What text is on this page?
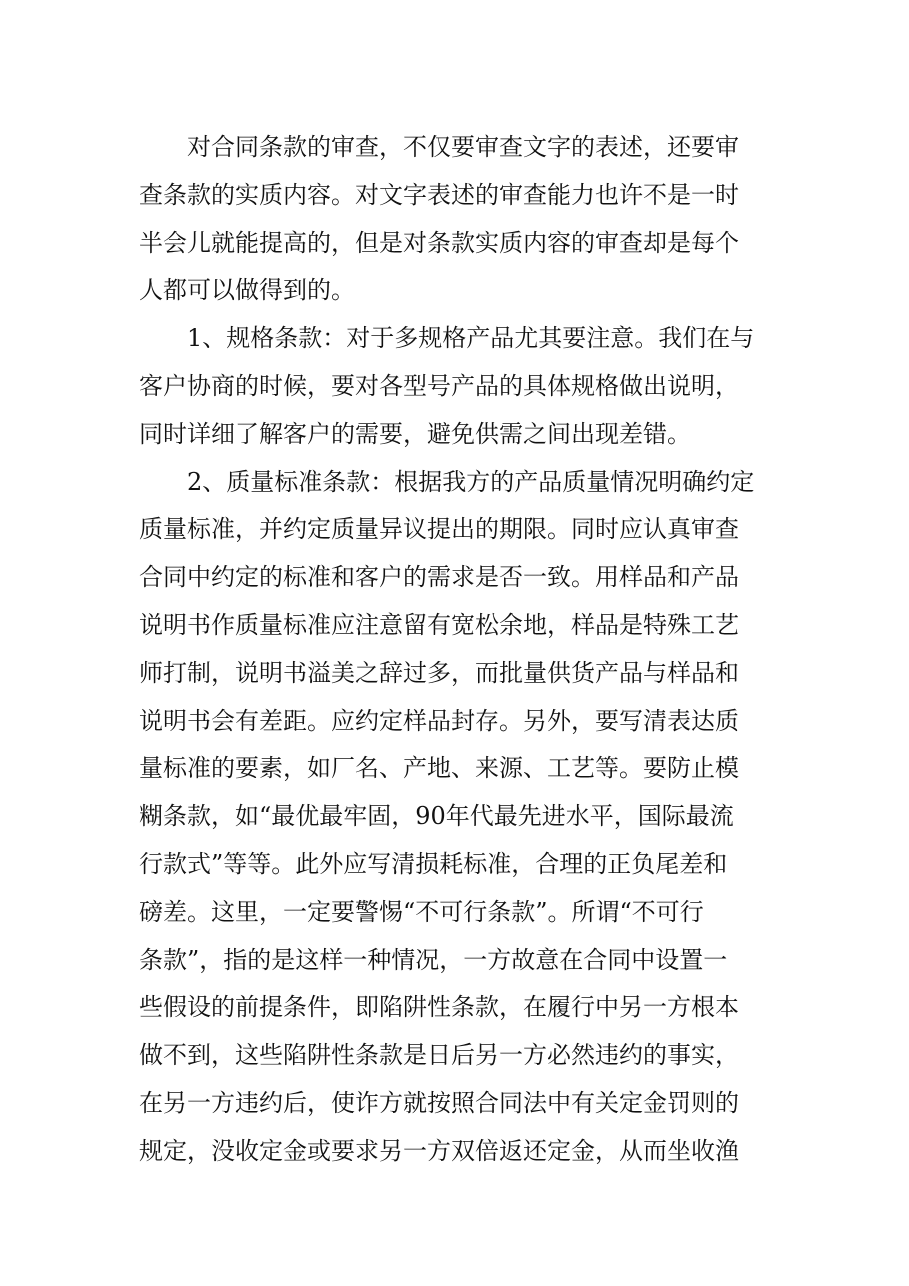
对合同条款的审查，不仅要审查文字的表述，还要审
查条款的实质内容。对文字表述的审查能力也许不是一时
半会儿就能提高的，但是对条款实质内容的审查却是每个
人都可以做得到的。
1、规格条款：对于多规格产品尤其要注意。我们在与
客户协商的时候，要对各型号产品的具体规格做出说明，
同时详细了解客户的需要，避免供需之间出现差错。
2、质量标准条款：根据我方的产品质量情况明确约定
质量标准，并约定质量异议提出的期限。同时应认真审查
合同中约定的标准和客户的需求是否一致。用样品和产品
说明书作质量标准应注意留有宽松余地，样品是特殊工艺
师打制，说明书溢美之辞过多，而批量供货产品与样品和
说明书会有差距。应约定样品封存。另外，要写清表达质
量标准的要素，如厂名、产地、来源、工艺等。要防止模
糊条款，如“最优最牢固，90年代最先进水平，国际最流
行款式”等等。此外应写清损耗标准，合理的正负尾差和
磅差。这里，一定要警惕“不可行条款”。所谓“不可行
条款”，指的是这样一种情况，一方故意在合同中设置一
些假设的前提条件，即陷阱性条款，在履行中另一方根本
做不到，这些陷阱性条款是日后另一方必然违约的事实，
在另一方违约后，使诈方就按照合同法中有关定金罚则的
规定，没收定金或要求另一方双倍返还定金，从而坐收渔
